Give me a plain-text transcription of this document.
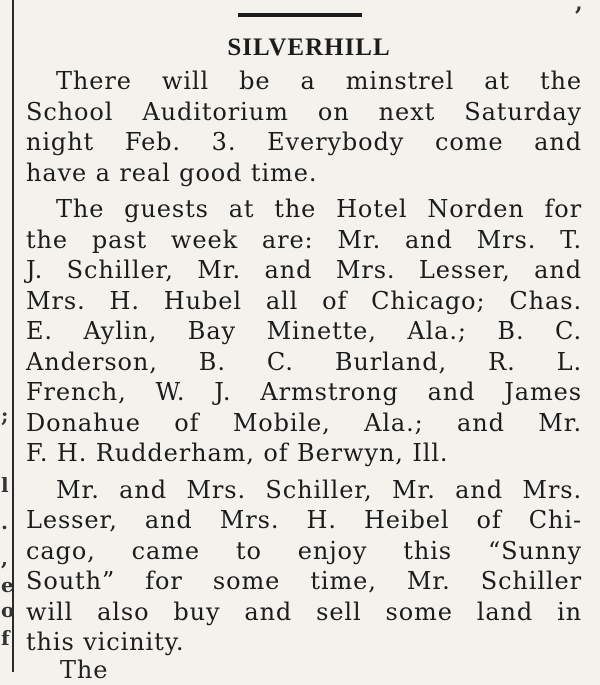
;
l
.
,
e
o
f
,
SILVERHILL

There will be a minstrel at the
School Auditorium on next Saturday
night Feb. 3. Everybody come and
have a real good time.

The guests at the Hotel Norden for
the past week are: Mr. and Mrs. T.
J. Schiller, Mr. and Mrs. Lesser, and
Mrs. H. Hubel all of Chicago; Chas.
E. Aylin, Bay Minette, Ala.; B. C.
Anderson, B. C. Burland, R. L.
French, W. J. Armstrong and James
Donahue of Mobile, Ala.; and Mr.
F. H. Rudderham, of Berwyn, Ill.

Mr. and Mrs. Schiller, Mr. and Mrs.
Lesser, and Mrs. H. Heibel of Chi-
cago, came to enjoy this “Sunny
South” for some time, Mr. Schiller
will also buy and sell some land in
this vicinity.

The
